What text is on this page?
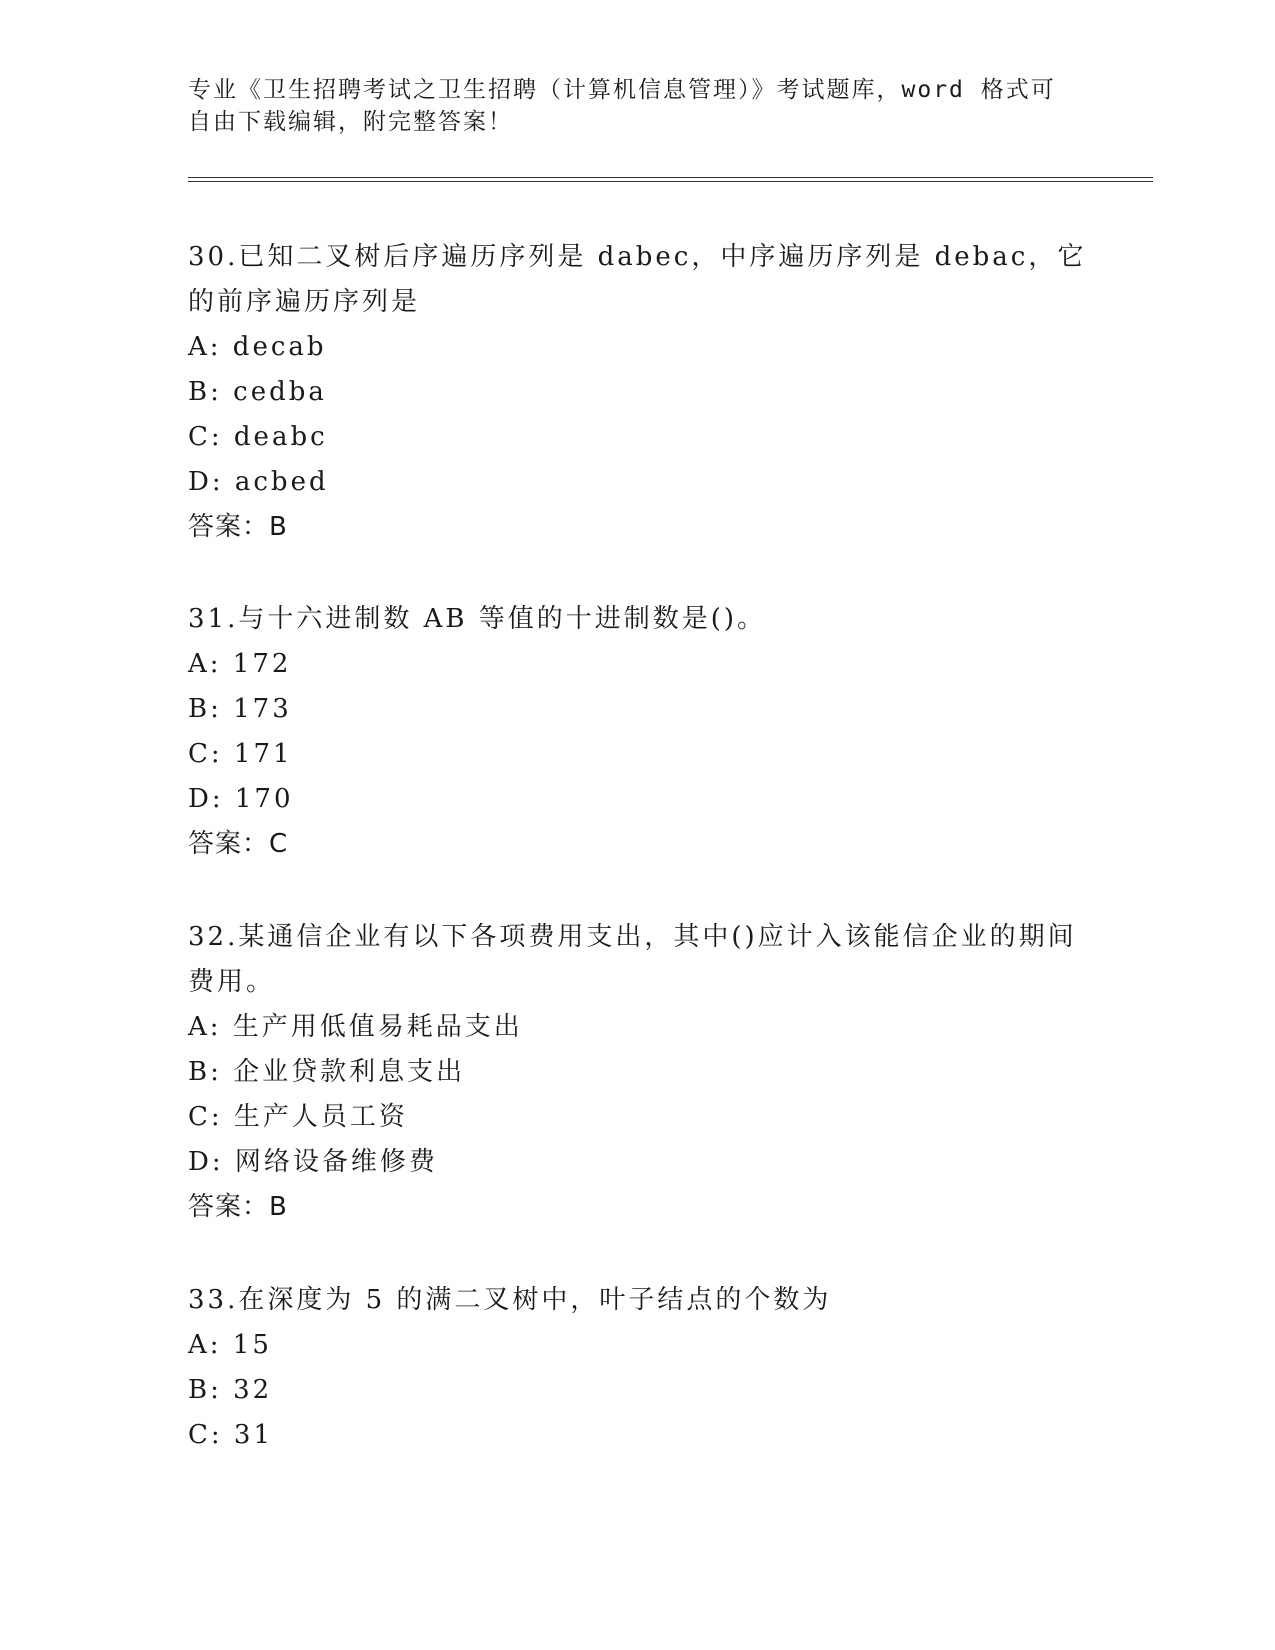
专业《卫生招聘考试之卫生招聘（计算机信息管理）》考试题库，word 格式可自由下载编辑，附完整答案！
30.已知二叉树后序遍历序列是 dabec，中序遍历序列是 debac，它的前序遍历序列是
A: decab
B: cedba
C: deabc
D: acbed
答案：B
31.与十六进制数 AB 等值的十进制数是()。
A: 172
B: 173
C: 171
D: 170
答案：C
32.某通信企业有以下各项费用支出，其中()应计入该能信企业的期间费用。
A: 生产用低值易耗品支出
B: 企业贷款利息支出
C: 生产人员工资
D: 网络设备维修费
答案：B
33.在深度为 5 的满二叉树中，叶子结点的个数为
A: 15
B: 32
C: 31
